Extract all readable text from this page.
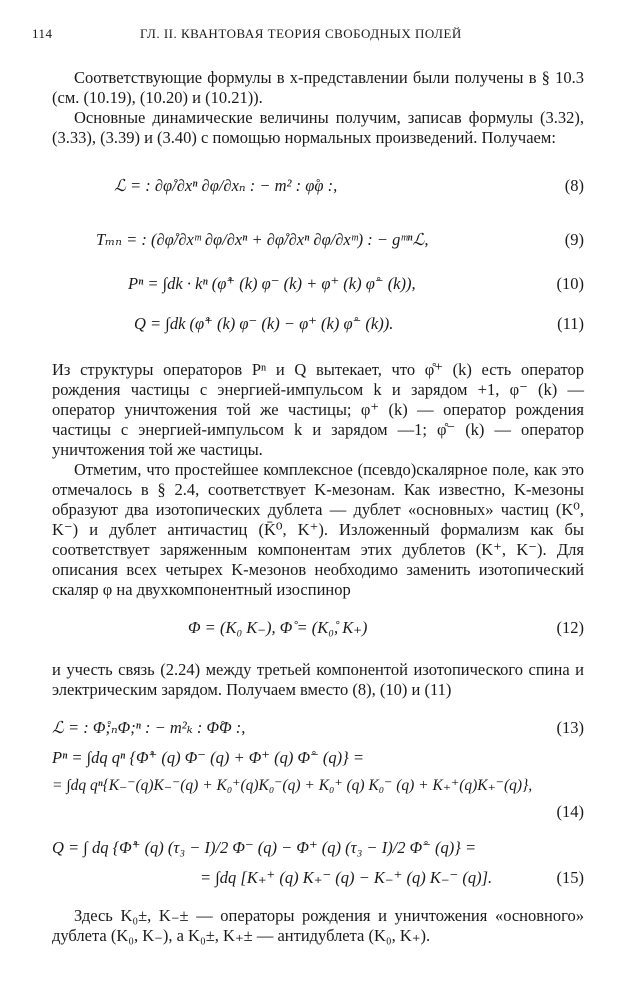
114	ГЛ. II. КВАНТОВАЯ ТЕОРИЯ СВОБОДНЫХ ПОЛЕЙ

Соответствующие формулы в x-представлении были получены в § 10.3 (см. (10.19), (10.20) и (10.21)).

Основные динамические величины получим, записав формулы (3.32), (3.33), (3.39) и (3.40) с помощью нормальных произведений. Получаем:

ℒ = : ∂φ̊/∂xⁿ ∂φ/∂xₙ : − m² : φ̊φ :,	(8)
Tₘₙ = : (∂φ̊/∂xᵐ ∂φ/∂xⁿ + ∂φ̊/∂xⁿ ∂φ/∂xᵐ) : − gᵐⁿℒ,	(9)
Pⁿ = ∫dk · kⁿ (φ̊⁺ (k) φ⁻ (k) + φ⁺ (k) φ̊⁻ (k)),	(10)
Q = ∫dk (φ̊⁺ (k) φ⁻ (k) − φ⁺ (k) φ̊⁻ (k)).	(11)

Из структуры операторов Pⁿ и Q вытекает, что φ̊⁺ (k) есть оператор рождения частицы с энергией-импульсом k и зарядом +1, φ⁻ (k) — оператор уничтожения той же частицы; φ⁺ (k) — оператор рождения частицы с энергией-импульсом k и зарядом —1; φ̊⁻ (k) — оператор уничтожения той же частицы.

Отметим, что простейшее комплексное (псевдо)скалярное поле, как это отмечалось в § 2.4, соответствует K-мезонам. Как известно, K-мезоны образуют два изотопических дублета — дублет «основных» частиц (K⁰, K⁻) и дублет античастиц (K̄⁰, K⁺). Изложенный формализм как бы соответствует заряженным компонентам этих дублетов (K⁺, K⁻). Для описания всех четырех K-мезонов необходимо заменить изотопический скаляр φ на двухкомпонентный изоспинор

Φ = (K₀ K₋), Φ̊ = (K₀̊, K₊)	(12)

и учесть связь (2.24) между третьей компонентой изотопического спина и электрическим зарядом. Получаем вместо (8), (10) и (11)

ℒ = : Φ̊;ₙΦ;ⁿ : − m²ₖ : Φ̊Φ :,	(13)
Pⁿ = ∫dq qⁿ {Φ̊⁺ (q) Φ⁻ (q) + Φ⁺ (q) Φ̊⁻ (q)} =
= ∫dq qⁿ{K₋⁻(q)K₋⁻(q) + K₀⁺(q)K₀⁻(q) + K₀⁺ (q) K₀⁻ (q) + K₊⁺(q)K₊⁻(q)},
(14)
Q = ∫ dq {Φ̊⁺ (q) (τ₃ − I)/2 Φ⁻ (q) − Φ⁺ (q) (τ₃ − I)/2 Φ̊⁻ (q)} =
= ∫dq [K₊⁺ (q) K₊⁻ (q) − K₋⁺ (q) K₋⁻ (q)].	(15)

Здесь K₀±, K₋± — операторы рождения и уничтожения «основного» дублета (K₀, K₋), а K₀±, K₊± — антидублета (K₀, K₊).
